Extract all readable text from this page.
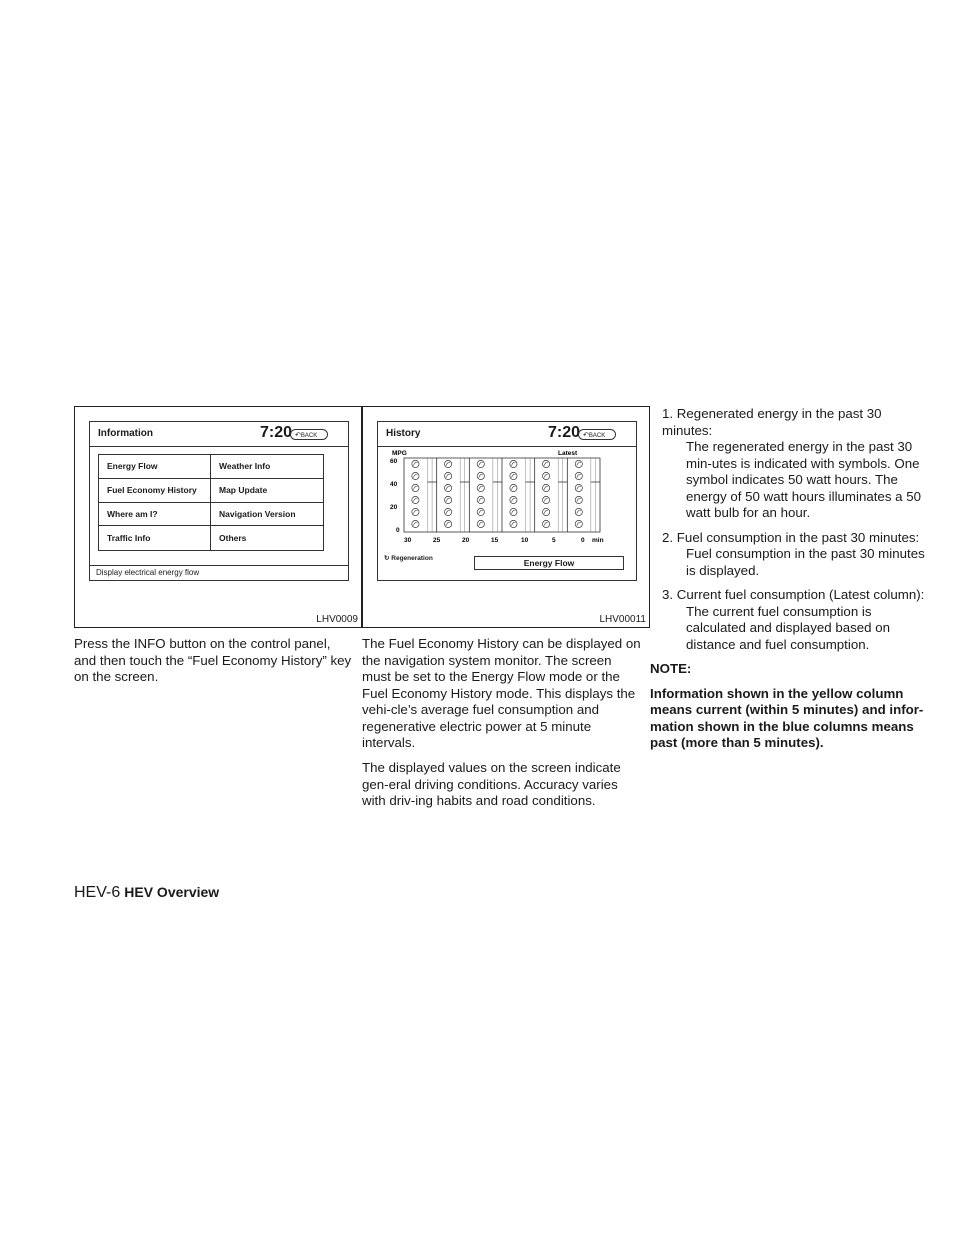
Information	7:20 ↶BACK
Energy Flow	Weather Info
Fuel Economy History	Map Update
Where am I?	Navigation Version
Traffic Info	Others
Display electrical energy flow
LHV0009
History	7:20 ↶BACK
MPG	Latest
60
40
20
0
30	25	20	15	10	5	0 min
↻ Regeneration	Energy Flow
LHV00011

Press the INFO button on the control panel, and then touch the “Fuel Economy History” key on the screen.

The Fuel Economy History can be displayed on the navigation system monitor. The screen must be set to the Energy Flow mode or the Fuel Economy History mode. This displays the vehi-cle’s average fuel consumption and regenerative electric power at 5 minute intervals.

The displayed values on the screen indicate gen-eral driving conditions. Accuracy varies with driv-ing habits and road conditions.

1. Regenerated energy in the past 30 minutes:
The regenerated energy in the past 30 min-utes is indicated with symbols. One symbol indicates 50 watt hours. The energy of 50 watt hours illuminates a 50 watt bulb for an hour.
2. Fuel consumption in the past 30 minutes:
Fuel consumption in the past 30 minutes is displayed.
3. Current fuel consumption (Latest column):
The current fuel consumption is calculated and displayed based on distance and fuel consumption.
NOTE:
Information shown in the yellow column means current (within 5 minutes) and infor-mation shown in the blue columns means past (more than 5 minutes).
HEV-6 HEV Overview
